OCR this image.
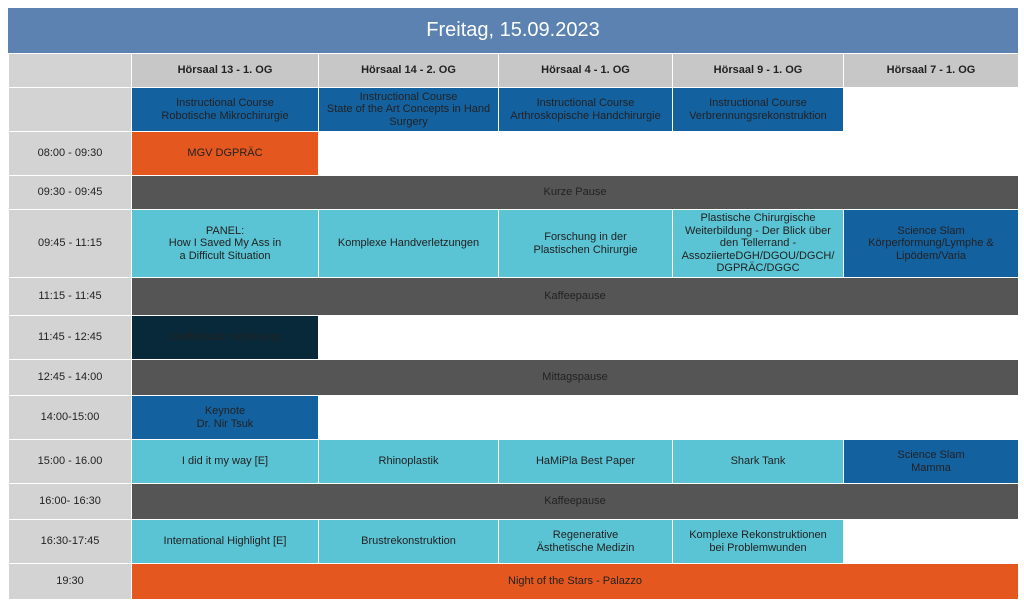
Freitag, 15.09.2023
	Hörsaal 13 - 1. OG	Hörsaal 14 - 2. OG	Hörsaal 4 - 1. OG	Hörsaal 9 - 1. OG	Hörsaal 7 - 1. OG

	Instructional Course
Robotische Mikrochirurgie	Instructional Course
State of the Art Concepts in Hand Surgery	Instructional Course
Arthroskopische Handchirurgie	Instructional Course
Verbrennungsrekonstruktion	

08:00 - 09:30	MGV DGPRÄC				
09:30 - 09:45	Kurze Pause				
09:45 - 11:15	PANEL:
How I Saved My Ass in
a Difficult Situation	Komplexe Handverletzungen	Forschung in der
Plastischen Chirurgie	Plastische Chirurgische
Weiterbildung - Der Blick über
den Tellerrand -
AssoziierteDGH/DGOU/DGCH/
DGPRÄC/DGGC	Science Slam
Körperformung/Lymphe &
Lipödem/Varia

11:15 - 11:45	Kaffeepause				
11:45 - 12:45	Dieffenbach Vorlesung				
12:45 - 14:00	Mittagspause				
14:00-15:00	Keynote
Dr. Nir Tsuk				

15:00 - 16.00	I did it my way [E]	Rhinoplastik	HaMiPla Best Paper	Shark Tank	Science Slam
Mamma

16:00- 16:30	Kaffeepause				
16:30-17:45	International Highlight [E]	Brustrekonstruktion	Regenerative
Ästhetische Medizin	Komplexe Rekonstruktionen
bei Problemwunden	

19:30	Night of the Stars - Palazzo				
